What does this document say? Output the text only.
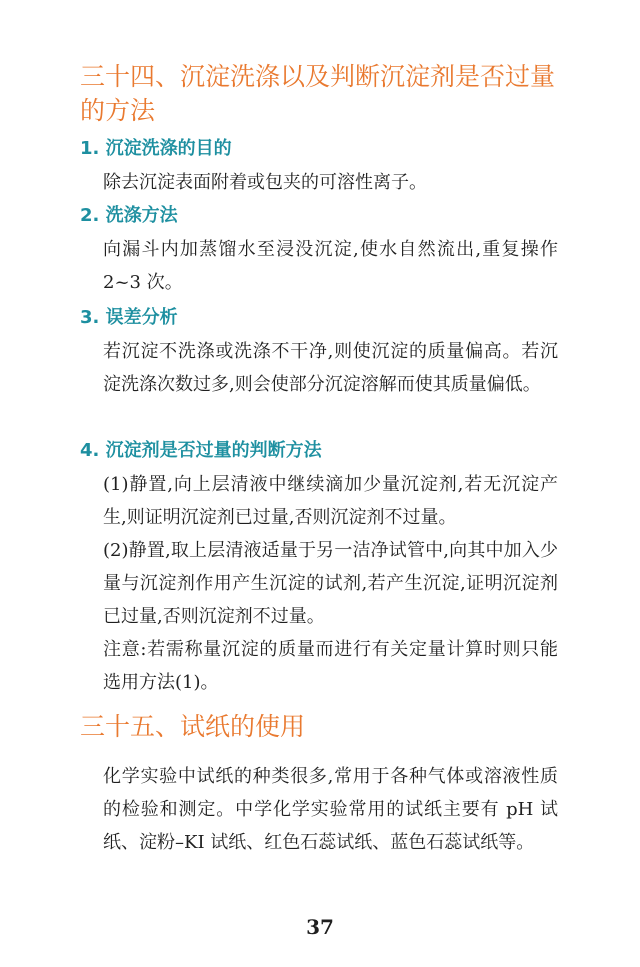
三十四、沉淀洗涤以及判断沉淀剂是否过量的方法
1. 沉淀洗涤的目的

除去沉淀表面附着或包夹的可溶性离子。

2. 洗涤方法

向漏斗内加蒸馏水至浸没沉淀,使水自然流出,重复操作 2~3 次。

3. 误差分析

若沉淀不洗涤或洗涤不干净,则使沉淀的质量偏高。若沉淀洗涤次数过多,则会使部分沉淀溶解而使其质量偏低。

4. 沉淀剂是否过量的判断方法

(1)静置,向上层清液中继续滴加少量沉淀剂,若无沉淀产生,则证明沉淀剂已过量,否则沉淀剂不过量。

(2)静置,取上层清液适量于另一洁净试管中,向其中加入少量与沉淀剂作用产生沉淀的试剂,若产生沉淀,证明沉淀剂已过量,否则沉淀剂不过量。

注意:若需称量沉淀的质量而进行有关定量计算时则只能选用方法(1)。

三十五、试纸的使用

化学实验中试纸的种类很多,常用于各种气体或溶液性质的检验和测定。中学化学实验常用的试纸主要有 pH 试纸、淀粉–KI 试纸、红色石蕊试纸、蓝色石蕊试纸等。

37
